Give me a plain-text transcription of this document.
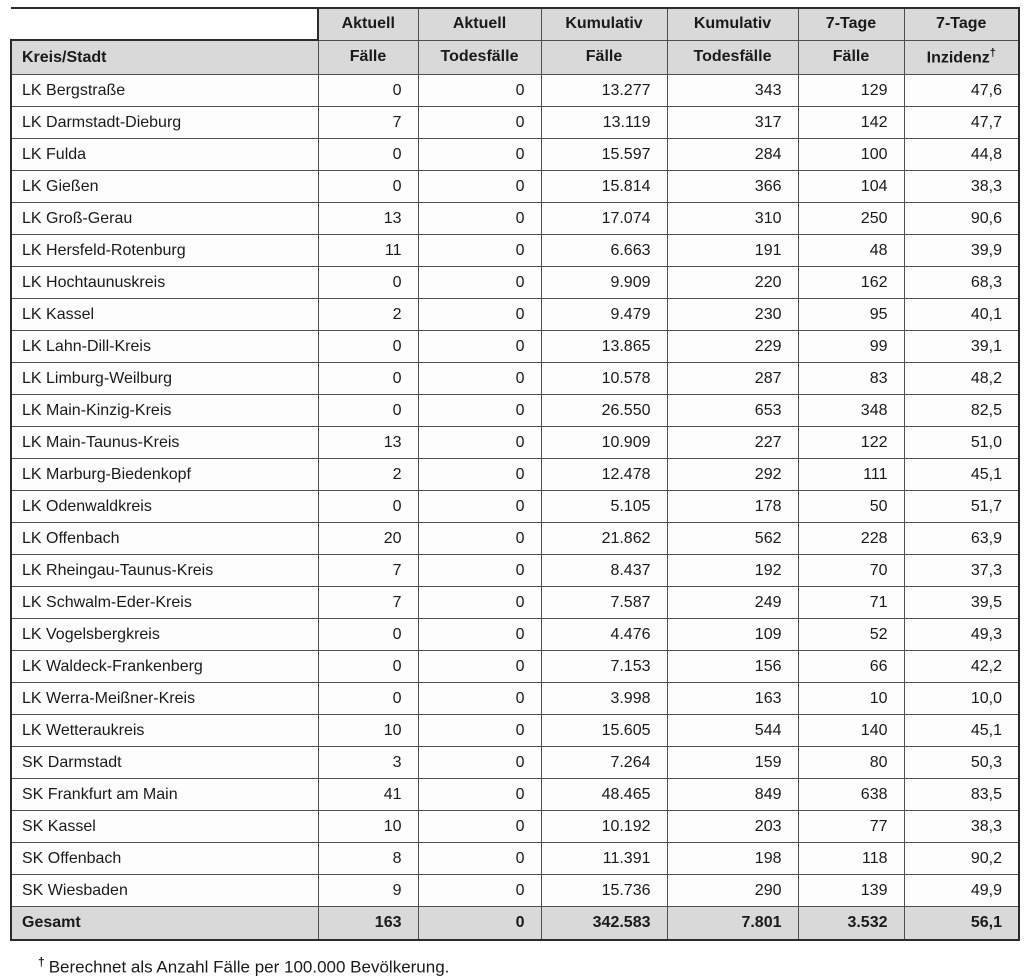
	Aktuell	Aktuell	Kumulativ	Kumulativ	7-Tage	7-Tage
Kreis/Stadt	Fälle	Todesfälle	Fälle	Todesfälle	Fälle	Inzidenz†
LK Bergstraße	0	0	13.277	343	129	47,6
LK Darmstadt-Dieburg	7	0	13.119	317	142	47,7
LK Fulda	0	0	15.597	284	100	44,8
LK Gießen	0	0	15.814	366	104	38,3
LK Groß-Gerau	13	0	17.074	310	250	90,6
LK Hersfeld-Rotenburg	11	0	6.663	191	48	39,9
LK Hochtaunuskreis	0	0	9.909	220	162	68,3
LK Kassel	2	0	9.479	230	95	40,1
LK Lahn-Dill-Kreis	0	0	13.865	229	99	39,1
LK Limburg-Weilburg	0	0	10.578	287	83	48,2
LK Main-Kinzig-Kreis	0	0	26.550	653	348	82,5
LK Main-Taunus-Kreis	13	0	10.909	227	122	51,0
LK Marburg-Biedenkopf	2	0	12.478	292	111	45,1
LK Odenwaldkreis	0	0	5.105	178	50	51,7
LK Offenbach	20	0	21.862	562	228	63,9
LK Rheingau-Taunus-Kreis	7	0	8.437	192	70	37,3
LK Schwalm-Eder-Kreis	7	0	7.587	249	71	39,5
LK Vogelsbergkreis	0	0	4.476	109	52	49,3
LK Waldeck-Frankenberg	0	0	7.153	156	66	42,2
LK Werra-Meißner-Kreis	0	0	3.998	163	10	10,0
LK Wetteraukreis	10	0	15.605	544	140	45,1
SK Darmstadt	3	0	7.264	159	80	50,3
SK Frankfurt am Main	41	0	48.465	849	638	83,5
SK Kassel	10	0	10.192	203	77	38,3
SK Offenbach	8	0	11.391	198	118	90,2
SK Wiesbaden	9	0	15.736	290	139	49,9
Gesamt	163	0	342.583	7.801	3.532	56,1

† Berechnet als Anzahl Fälle per 100.000 Bevölkerung.
